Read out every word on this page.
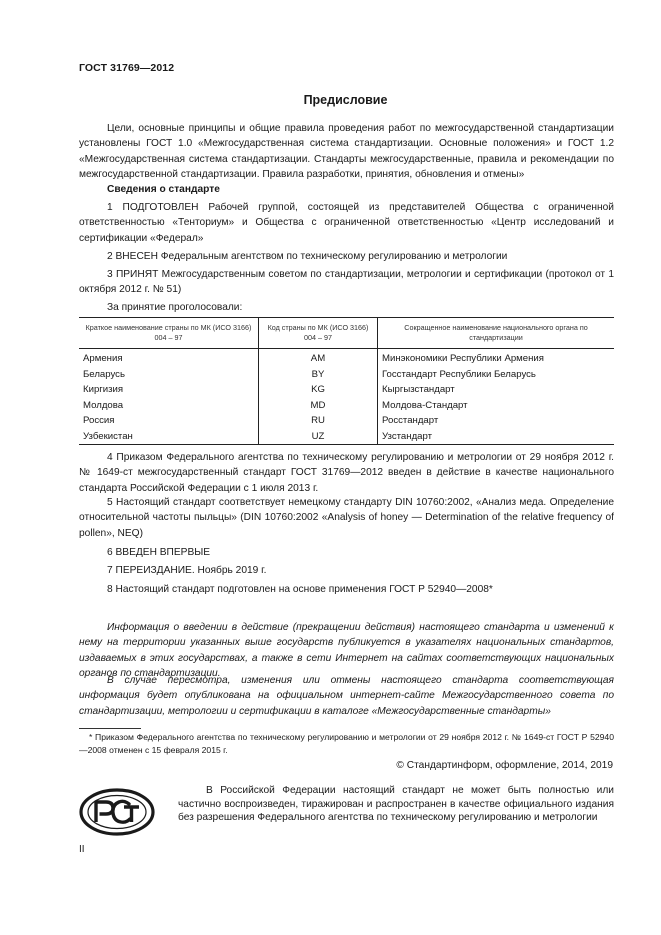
ГОСТ 31769—2012
Предисловие
Цели, основные принципы и общие правила проведения работ по межгосударственной стандартизации установлены ГОСТ 1.0 «Межгосударственная система стандартизации. Основные положения» и ГОСТ 1.2 «Межгосударственная система стандартизации. Стандарты межгосударственные, правила и рекомендации по межгосударственной стандартизации. Правила разработки, принятия, обновления и отмены»
Сведения о стандарте
1 ПОДГОТОВЛЕН Рабочей группой, состоящей из представителей Общества с ограниченной ответственностью «Тенториум» и Общества с ограниченной ответственностью «Центр исследований и сертификации «Федерал»
2 ВНЕСЕН Федеральным агентством по техническому регулированию и метрологии
3 ПРИНЯТ Межгосударственным советом по стандартизации, метрологии и сертификации (протокол от 1 октября 2012 г. № 51)
За принятие проголосовали:
Краткое наименование страны по МК (ИСО 3166) 004 – 97	Код страны по МК (ИСО 3166) 004 – 97	Сокращенное наименование национального органа по стандартизации
Армения	AM	Минэкономики Республики Армения
Беларусь	BY	Госстандарт Республики Беларусь
Киргизия	KG	Кыргызстандарт
Молдова	MD	Молдова-Стандарт
Россия	RU	Росстандарт
Узбекистан	UZ	Узстандарт
4 Приказом Федерального агентства по техническому регулированию и метрологии от 29 ноября 2012 г. № 1649-ст межгосударственный стандарт ГОСТ 31769—2012 введен в действие в качестве национального стандарта Российской Федерации с 1 июля 2013 г.
5 Настоящий стандарт соответствует немецкому стандарту DIN 10760:2002, «Анализ меда. Определение относительной частоты пыльцы» (DIN 10760:2002 «Analysis of honey — Determination of the relative frequency of pollen», NEQ)
6 ВВЕДЕН ВПЕРВЫЕ
7 ПЕРЕИЗДАНИЕ. Ноябрь 2019 г.
8 Настоящий стандарт подготовлен на основе применения ГОСТ Р 52940—2008*
Информация о введении в действие (прекращении действия) настоящего стандарта и изменений к нему на территории указанных выше государств публикуется в указателях национальных стандартов, издаваемых в этих государствах, а также в сети Интернет на сайтах соответствующих национальных органов по стандартизации.
В случае пересмотра, изменения или отмены настоящего стандарта соответствующая информация будет опубликована на официальном интернет-сайте Межгосударственного совета по стандартизации, метрологии и сертификации в каталоге «Межгосударственные стандарты»
* Приказом Федерального агентства по техническому регулированию и метрологии от 29 ноября 2012 г. № 1649-ст ГОСТ Р 52940—2008 отменен с 15 февраля 2015 г.
© Стандартинформ, оформление, 2014, 2019
В Российской Федерации настоящий стандарт не может быть полностью или частично воспроизведен, тиражирован и распространен в качестве официального издания без разрешения Федерального агентства по техническому регулированию и метрологии
II
